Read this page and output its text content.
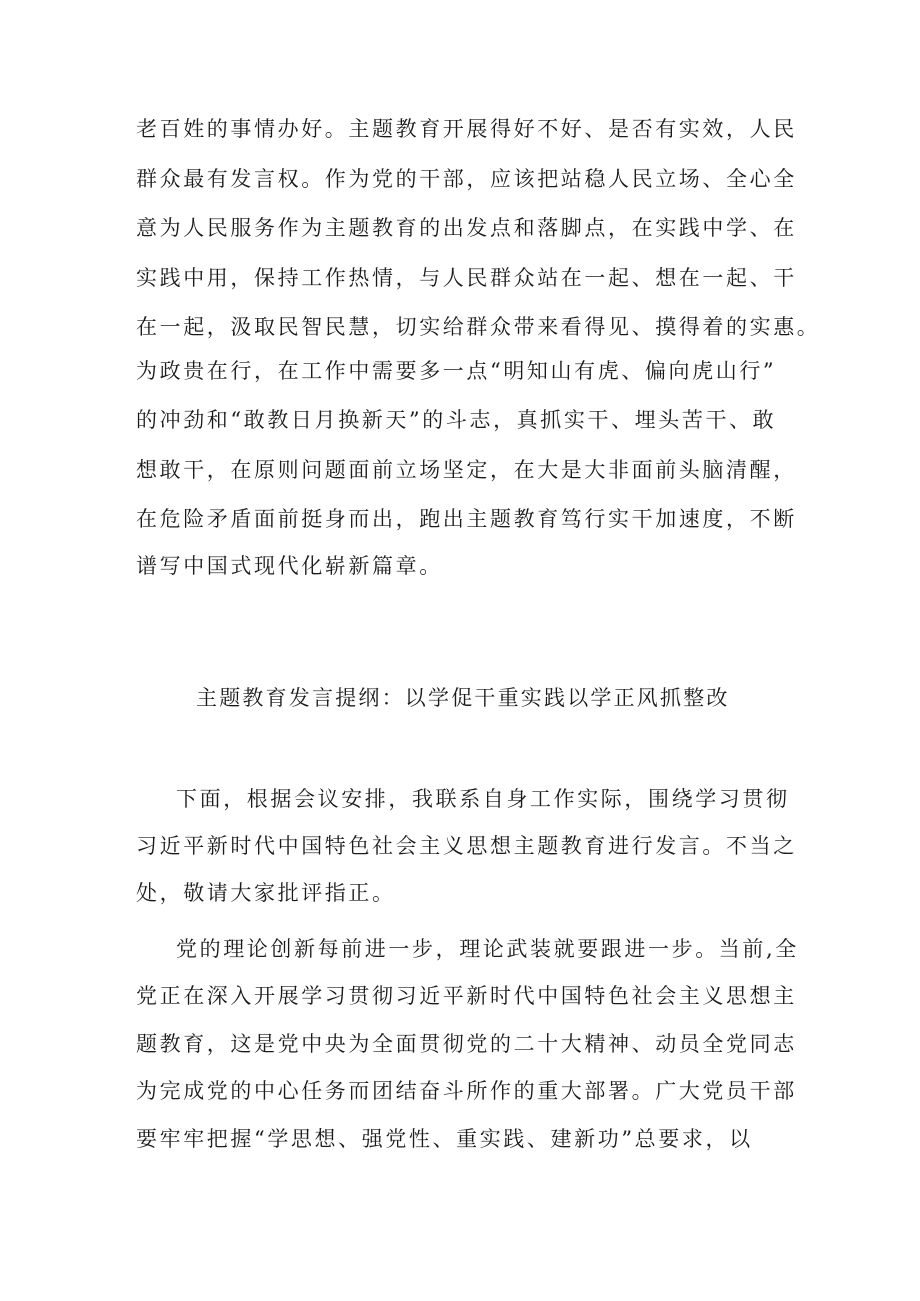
老百姓的事情办好。主题教育开展得好不好、是否有实效，人民
群众最有发言权。作为党的干部，应该把站稳人民立场、全心全
意为人民服务作为主题教育的出发点和落脚点，在实践中学、在
实践中用，保持工作热情，与人民群众站在一起、想在一起、干
在一起，汲取民智民慧，切实给群众带来看得见、摸得着的实惠。
为政贵在行，在工作中需要多一点“明知山有虎、偏向虎山行”
的冲劲和“敢教日月换新天”的斗志，真抓实干、埋头苦干、敢
想敢干，在原则问题面前立场坚定，在大是大非面前头脑清醒，
在危险矛盾面前挺身而出，跑出主题教育笃行实干加速度，不断
谱写中国式现代化崭新篇章。
主题教育发言提纲：以学促干重实践以学正风抓整改
下面，根据会议安排，我联系自身工作实际，围绕学习贯彻
习近平新时代中国特色社会主义思想主题教育进行发言。不当之
处，敬请大家批评指正。
党的理论创新每前进一步，理论武装就要跟进一步。当前,全
党正在深入开展学习贯彻习近平新时代中国特色社会主义思想主
题教育，这是党中央为全面贯彻党的二十大精神、动员全党同志
为完成党的中心任务而团结奋斗所作的重大部署。广大党员干部
要牢牢把握“学思想、强党性、重实践、建新功”总要求，以
